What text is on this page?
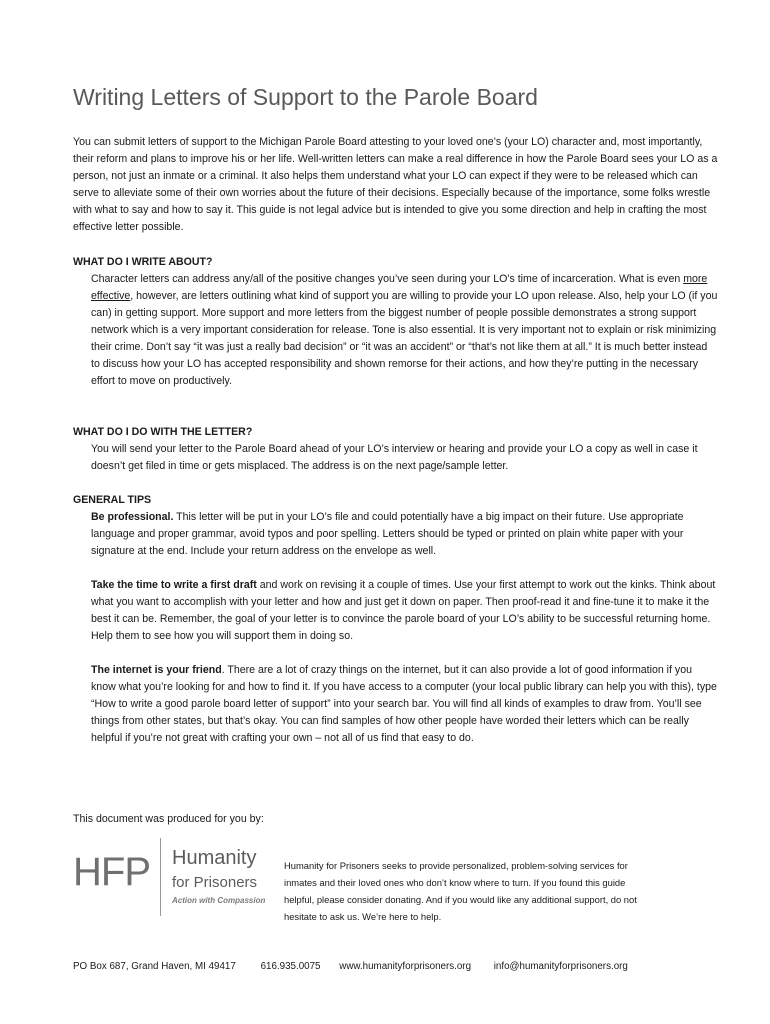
Writing Letters of Support to the Parole Board

You can submit letters of support to the Michigan Parole Board attesting to your loved one’s (your LO) character and, most importantly, their reform and plans to improve his or her life. Well-written letters can make a real difference in how the Parole Board sees your LO as a person, not just an inmate or a criminal. It also helps them understand what your LO can expect if they were to be released which can serve to alleviate some of their own worries about the future of their decisions. Especially because of the importance, some folks wrestle with what to say and how to say it. This guide is not legal advice but is intended to give you some direction and help in crafting the most effective letter possible.

WHAT DO I WRITE ABOUT?

Character letters can address any/all of the positive changes you’ve seen during your LO’s time of incarceration. What is even more effective, however, are letters outlining what kind of support you are willing to provide your LO upon release. Also, help your LO (if you can) in getting support. More support and more letters from the biggest number of people possible demonstrates a strong support network which is a very important consideration for release. Tone is also essential. It is very important not to explain or risk minimizing their crime. Don’t say “it was just a really bad decision” or “it was an accident” or “that’s not like them at all.” It is much better instead to discuss how your LO has accepted responsibility and shown remorse for their actions, and how they’re putting in the necessary effort to move on productively.

WHAT DO I DO WITH THE LETTER?

You will send your letter to the Parole Board ahead of your LO’s interview or hearing and provide your LO a copy as well in case it doesn’t get filed in time or gets misplaced. The address is on the next page/sample letter.

GENERAL TIPS

Be professional. This letter will be put in your LO’s file and could potentially have a big impact on their future. Use appropriate language and proper grammar, avoid typos and poor spelling. Letters should be typed or printed on plain white paper with your signature at the end. Include your return address on the envelope as well.

Take the time to write a first draft and work on revising it a couple of times. Use your first attempt to work out the kinks. Think about what you want to accomplish with your letter and how and just get it down on paper. Then proof-read it and fine-tune it to make it the best it can be. Remember, the goal of your letter is to convince the parole board of your LO’s ability to be successful returning home. Help them to see how you will support them in doing so.

The internet is your friend. There are a lot of crazy things on the internet, but it can also provide a lot of good information if you know what you’re looking for and how to find it. If you have access to a computer (your local public library can help you with this), type “How to write a good parole board letter of support” into your search bar. You will find all kinds of examples to draw from. You’ll see things from other states, but that’s okay. You can find samples of how other people have worded their letters which can be really helpful if you’re not great with crafting your own – not all of us find that easy to do.

This document was produced for you by:

HFP Humanity
for Prisoners
Action with Compassion

Humanity for Prisoners seeks to provide personalized, problem-solving services for inmates and their loved ones who don’t know where to turn. If you found this guide helpful, please consider donating. And if you would like any additional support, do not hesitate to ask us. We’re here to help.

PO Box 687, Grand Haven, MI 49417	616.935.0075 www.humanityforprisoners.org info@humanityforprisoners.org
